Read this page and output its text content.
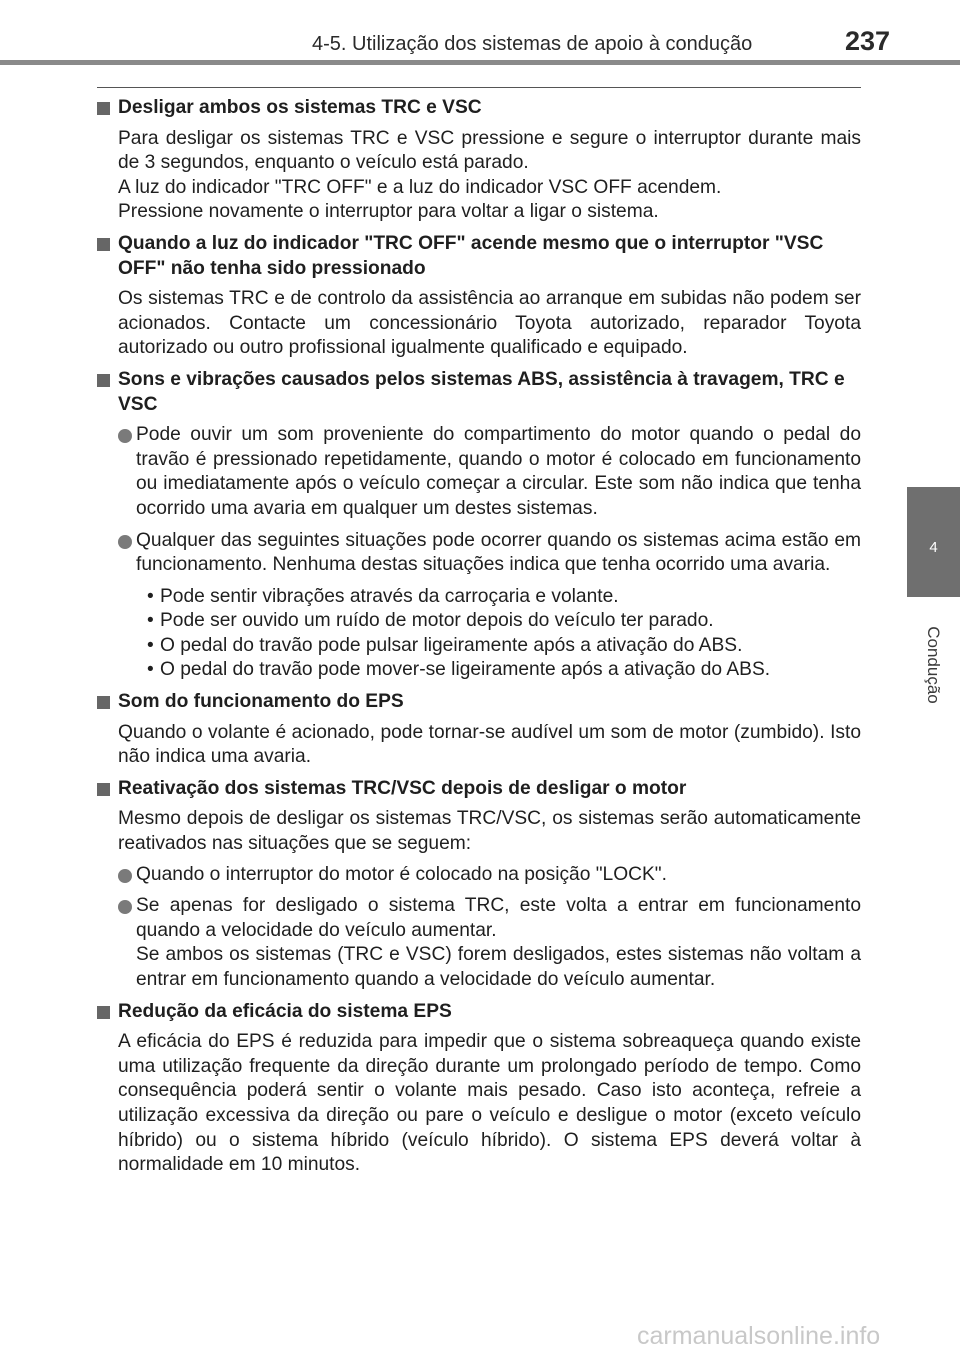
4-5. Utilização dos sistemas de apoio à condução	237
4
Condução
Desligar ambos os sistemas TRC e VSC
Para desligar os sistemas TRC e VSC pressione e segure o interruptor durante mais de 3 segundos, enquanto o veículo está parado.
A luz do indicador "TRC OFF" e a luz do indicador VSC OFF acendem.
Pressione novamente o interruptor para voltar a ligar o sistema.
Quando a luz do indicador "TRC OFF" acende mesmo que o interruptor "VSC OFF" não tenha sido pressionado
Os sistemas TRC e de controlo da assistência ao arranque em subidas não podem ser acionados. Contacte um concessionário Toyota autorizado, reparador Toyota autorizado ou outro profissional igualmente qualificado e equipado.
Sons e vibrações causados pelos sistemas ABS, assistência à travagem, TRC e VSC
Pode ouvir um som proveniente do compartimento do motor quando o pedal do travão é pressionado repetidamente, quando o motor é colocado em funcionamento ou imediatamente após o veículo começar a circular. Este som não indica que tenha ocorrido uma avaria em qualquer um destes sistemas.
Qualquer das seguintes situações pode ocorrer quando os sistemas acima estão em funcionamento. Nenhuma destas situações indica que tenha ocorrido uma avaria.
• Pode sentir vibrações através da carroçaria e volante.
• Pode ser ouvido um ruído de motor depois do veículo ter parado.
• O pedal do travão pode pulsar ligeiramente após a ativação do ABS.
• O pedal do travão pode mover-se ligeiramente após a ativação do ABS.
Som do funcionamento do EPS
Quando o volante é acionado, pode tornar-se audível um som de motor (zumbido). Isto não indica uma avaria.
Reativação dos sistemas TRC/VSC depois de desligar o motor
Mesmo depois de desligar os sistemas TRC/VSC, os sistemas serão automaticamente reativados nas situações que se seguem:
Quando o interruptor do motor é colocado na posição "LOCK".
Se apenas for desligado o sistema TRC, este volta a entrar em funcionamento quando a velocidade do veículo aumentar.
Se ambos os sistemas (TRC e VSC) forem desligados, estes sistemas não voltam a entrar em funcionamento quando a velocidade do veículo aumentar.
Redução da eficácia do sistema EPS
A eficácia do EPS é reduzida para impedir que o sistema sobreaqueça quando existe uma utilização frequente da direção durante um prolongado período de tempo. Como consequência poderá sentir o volante mais pesado. Caso isto aconteça, refreie a utilização excessiva da direção ou pare o veículo e desligue o motor (exceto veículo híbrido) ou o sistema híbrido (veículo híbrido). O sistema EPS deverá voltar à normalidade em 10 minutos.
carmanualsonline.info
